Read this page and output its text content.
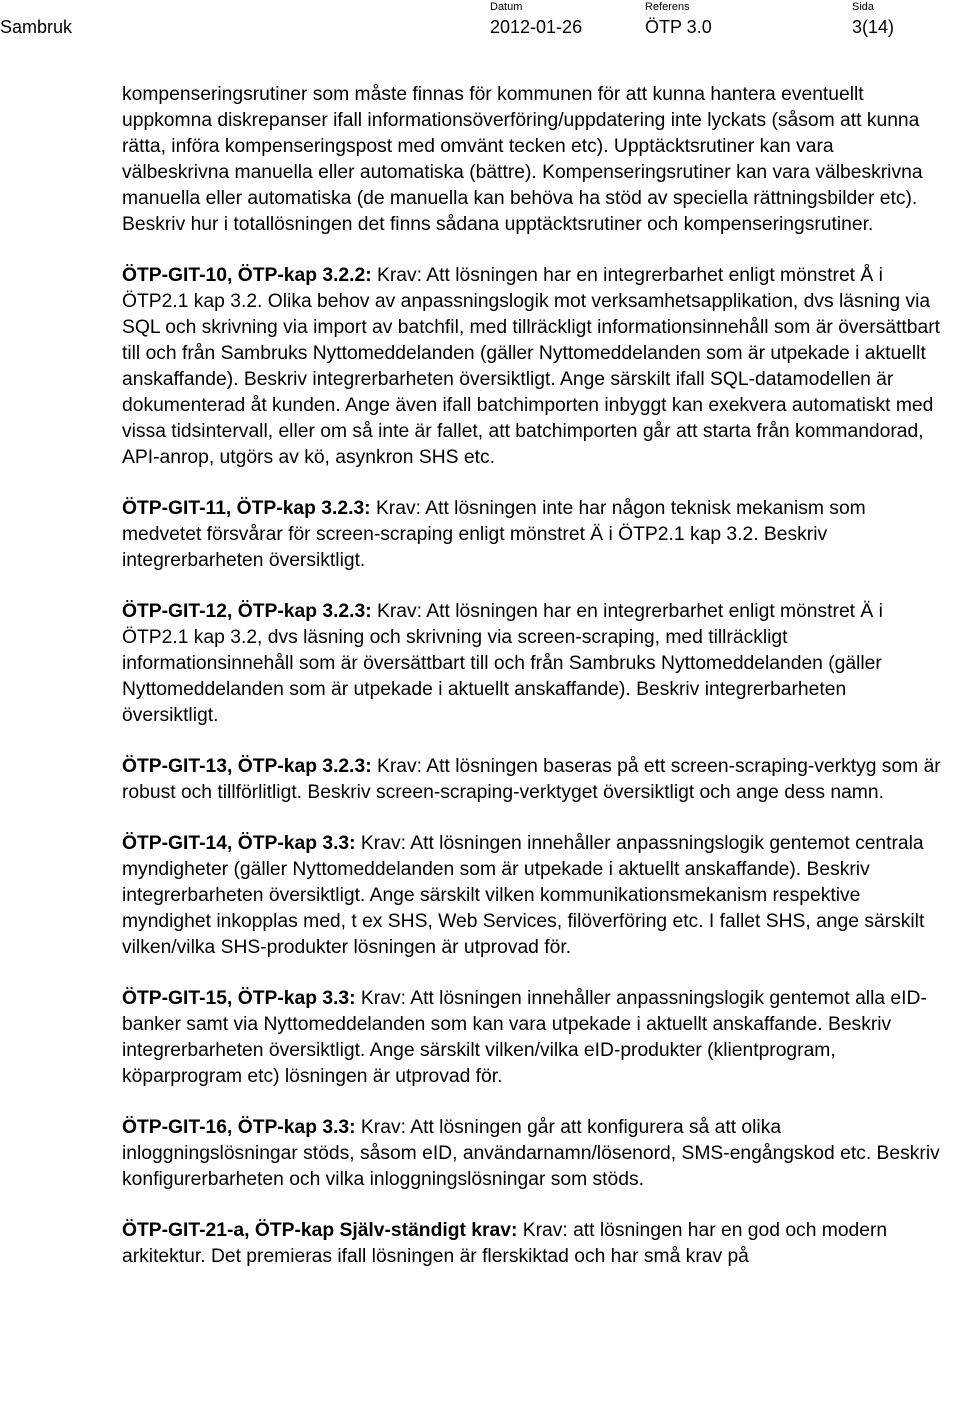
Sambruk
Datum
2012-01-26
Referens
ÖTP 3.0
Sida
3(14)

kompenseringsrutiner som måste finnas för kommunen för att kunna hantera eventuellt uppkomna diskrepanser ifall informationsöverföring/uppdatering inte lyckats (såsom att kunna rätta, införa kompenseringspost med omvänt tecken etc). Upptäcktsrutiner kan vara välbeskrivna manuella eller automatiska (bättre). Kompenseringsrutiner kan vara välbeskrivna manuella eller automatiska (de manuella kan behöva ha stöd av speciella rättningsbilder etc). Beskriv hur i totallösningen det finns sådana upptäcktsrutiner och kompenseringsrutiner.

ÖTP-GIT-10, ÖTP-kap 3.2.2: Krav: Att lösningen har en integrerbarhet enligt mönstret Å i ÖTP2.1 kap 3.2. Olika behov av anpassningslogik mot verksamhetsapplikation, dvs läsning via SQL och skrivning via import av batchfil, med tillräckligt informationsinnehåll som är översättbart till och från Sambruks Nyttomeddelanden (gäller Nyttomeddelanden som är utpekade i aktuellt anskaffande). Beskriv integrerbarheten översiktligt. Ange särskilt ifall SQL-datamodellen är dokumenterad åt kunden. Ange även ifall batchimporten inbyggt kan exekvera automatiskt med vissa tidsintervall, eller om så inte är fallet, att batchimporten går att starta från kommandorad, API-anrop, utgörs av kö, asynkron SHS etc.

ÖTP-GIT-11, ÖTP-kap 3.2.3: Krav: Att lösningen inte har någon teknisk mekanism som medvetet försvårar för screen-scraping enligt mönstret Ä i ÖTP2.1 kap 3.2. Beskriv integrerbarheten översiktligt.

ÖTP-GIT-12, ÖTP-kap 3.2.3: Krav: Att lösningen har en integrerbarhet enligt mönstret Ä i ÖTP2.1 kap 3.2, dvs läsning och skrivning via screen-scraping, med tillräckligt informationsinnehåll som är översättbart till och från Sambruks Nyttomeddelanden (gäller Nyttomeddelanden som är utpekade i aktuellt anskaffande). Beskriv integrerbarheten översiktligt.

ÖTP-GIT-13, ÖTP-kap 3.2.3: Krav: Att lösningen baseras på ett screen-scraping-verktyg som är robust och tillförlitligt. Beskriv screen-scraping-verktyget översiktligt och ange dess namn.

ÖTP-GIT-14, ÖTP-kap 3.3: Krav: Att lösningen innehåller anpassningslogik gentemot centrala myndigheter (gäller Nyttomeddelanden som är utpekade i aktuellt anskaffande). Beskriv integrerbarheten översiktligt. Ange särskilt vilken kommunikationsmekanism respektive myndighet inkopplas med, t ex SHS, Web Services, filöverföring etc. I fallet SHS, ange särskilt vilken/vilka SHS-produkter lösningen är utprovad för.

ÖTP-GIT-15, ÖTP-kap 3.3: Krav: Att lösningen innehåller anpassningslogik gentemot alla eID-banker samt via Nyttomeddelanden som kan vara utpekade i aktuellt anskaffande. Beskriv integrerbarheten översiktligt. Ange särskilt vilken/vilka eID-produkter (klientprogram, köparprogram etc) lösningen är utprovad för.

ÖTP-GIT-16, ÖTP-kap 3.3: Krav: Att lösningen går att konfigurera så att olika inloggningslösningar stöds, såsom eID, användarnamn/lösenord, SMS-engångskod etc. Beskriv konfigurerbarheten och vilka inloggningslösningar som stöds.

ÖTP-GIT-21-a, ÖTP-kap Själv-ständigt krav: Krav: att lösningen har en god och modern arkitektur. Det premieras ifall lösningen är flerskiktad och har små krav på
